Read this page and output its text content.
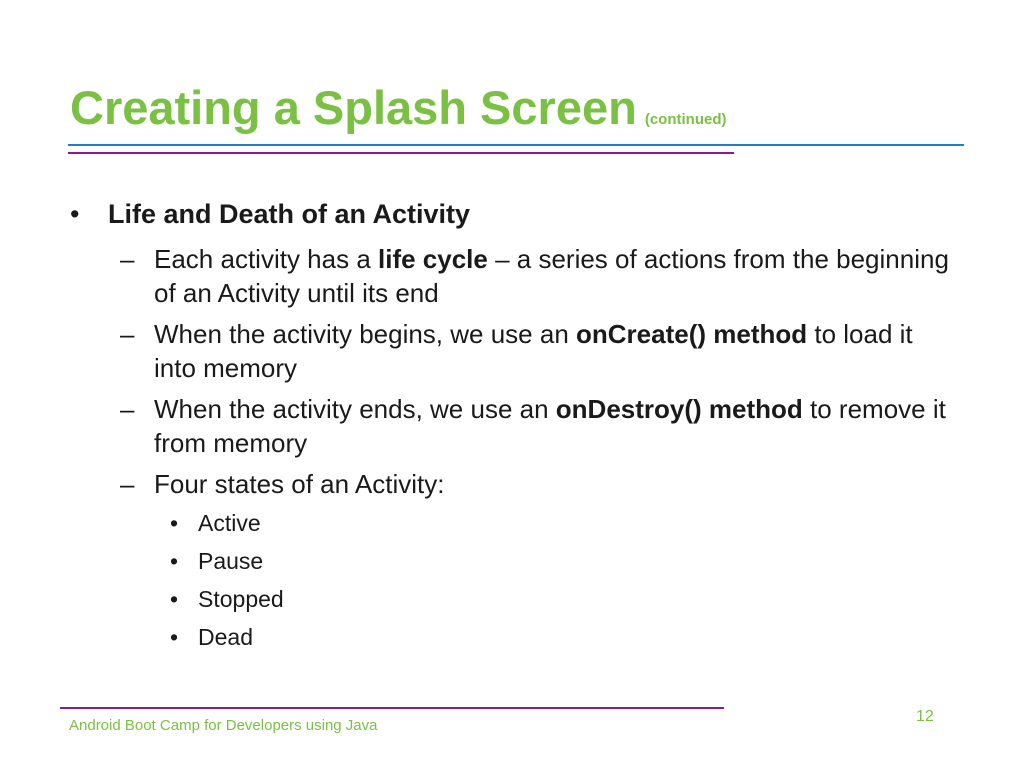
Creating a Splash Screen (continued)
•	Life and Death of an Activity
– Each activity has a life cycle – a series of actions from the beginning of an Activity until its end
– When the activity begins, we use an onCreate() method to load it into memory
– When the activity ends, we use an onDestroy() method to remove it from memory
– Four states of an Activity:
• Active
• Pause
• Stopped
• Dead
Android Boot Camp for Developers using Java
12
